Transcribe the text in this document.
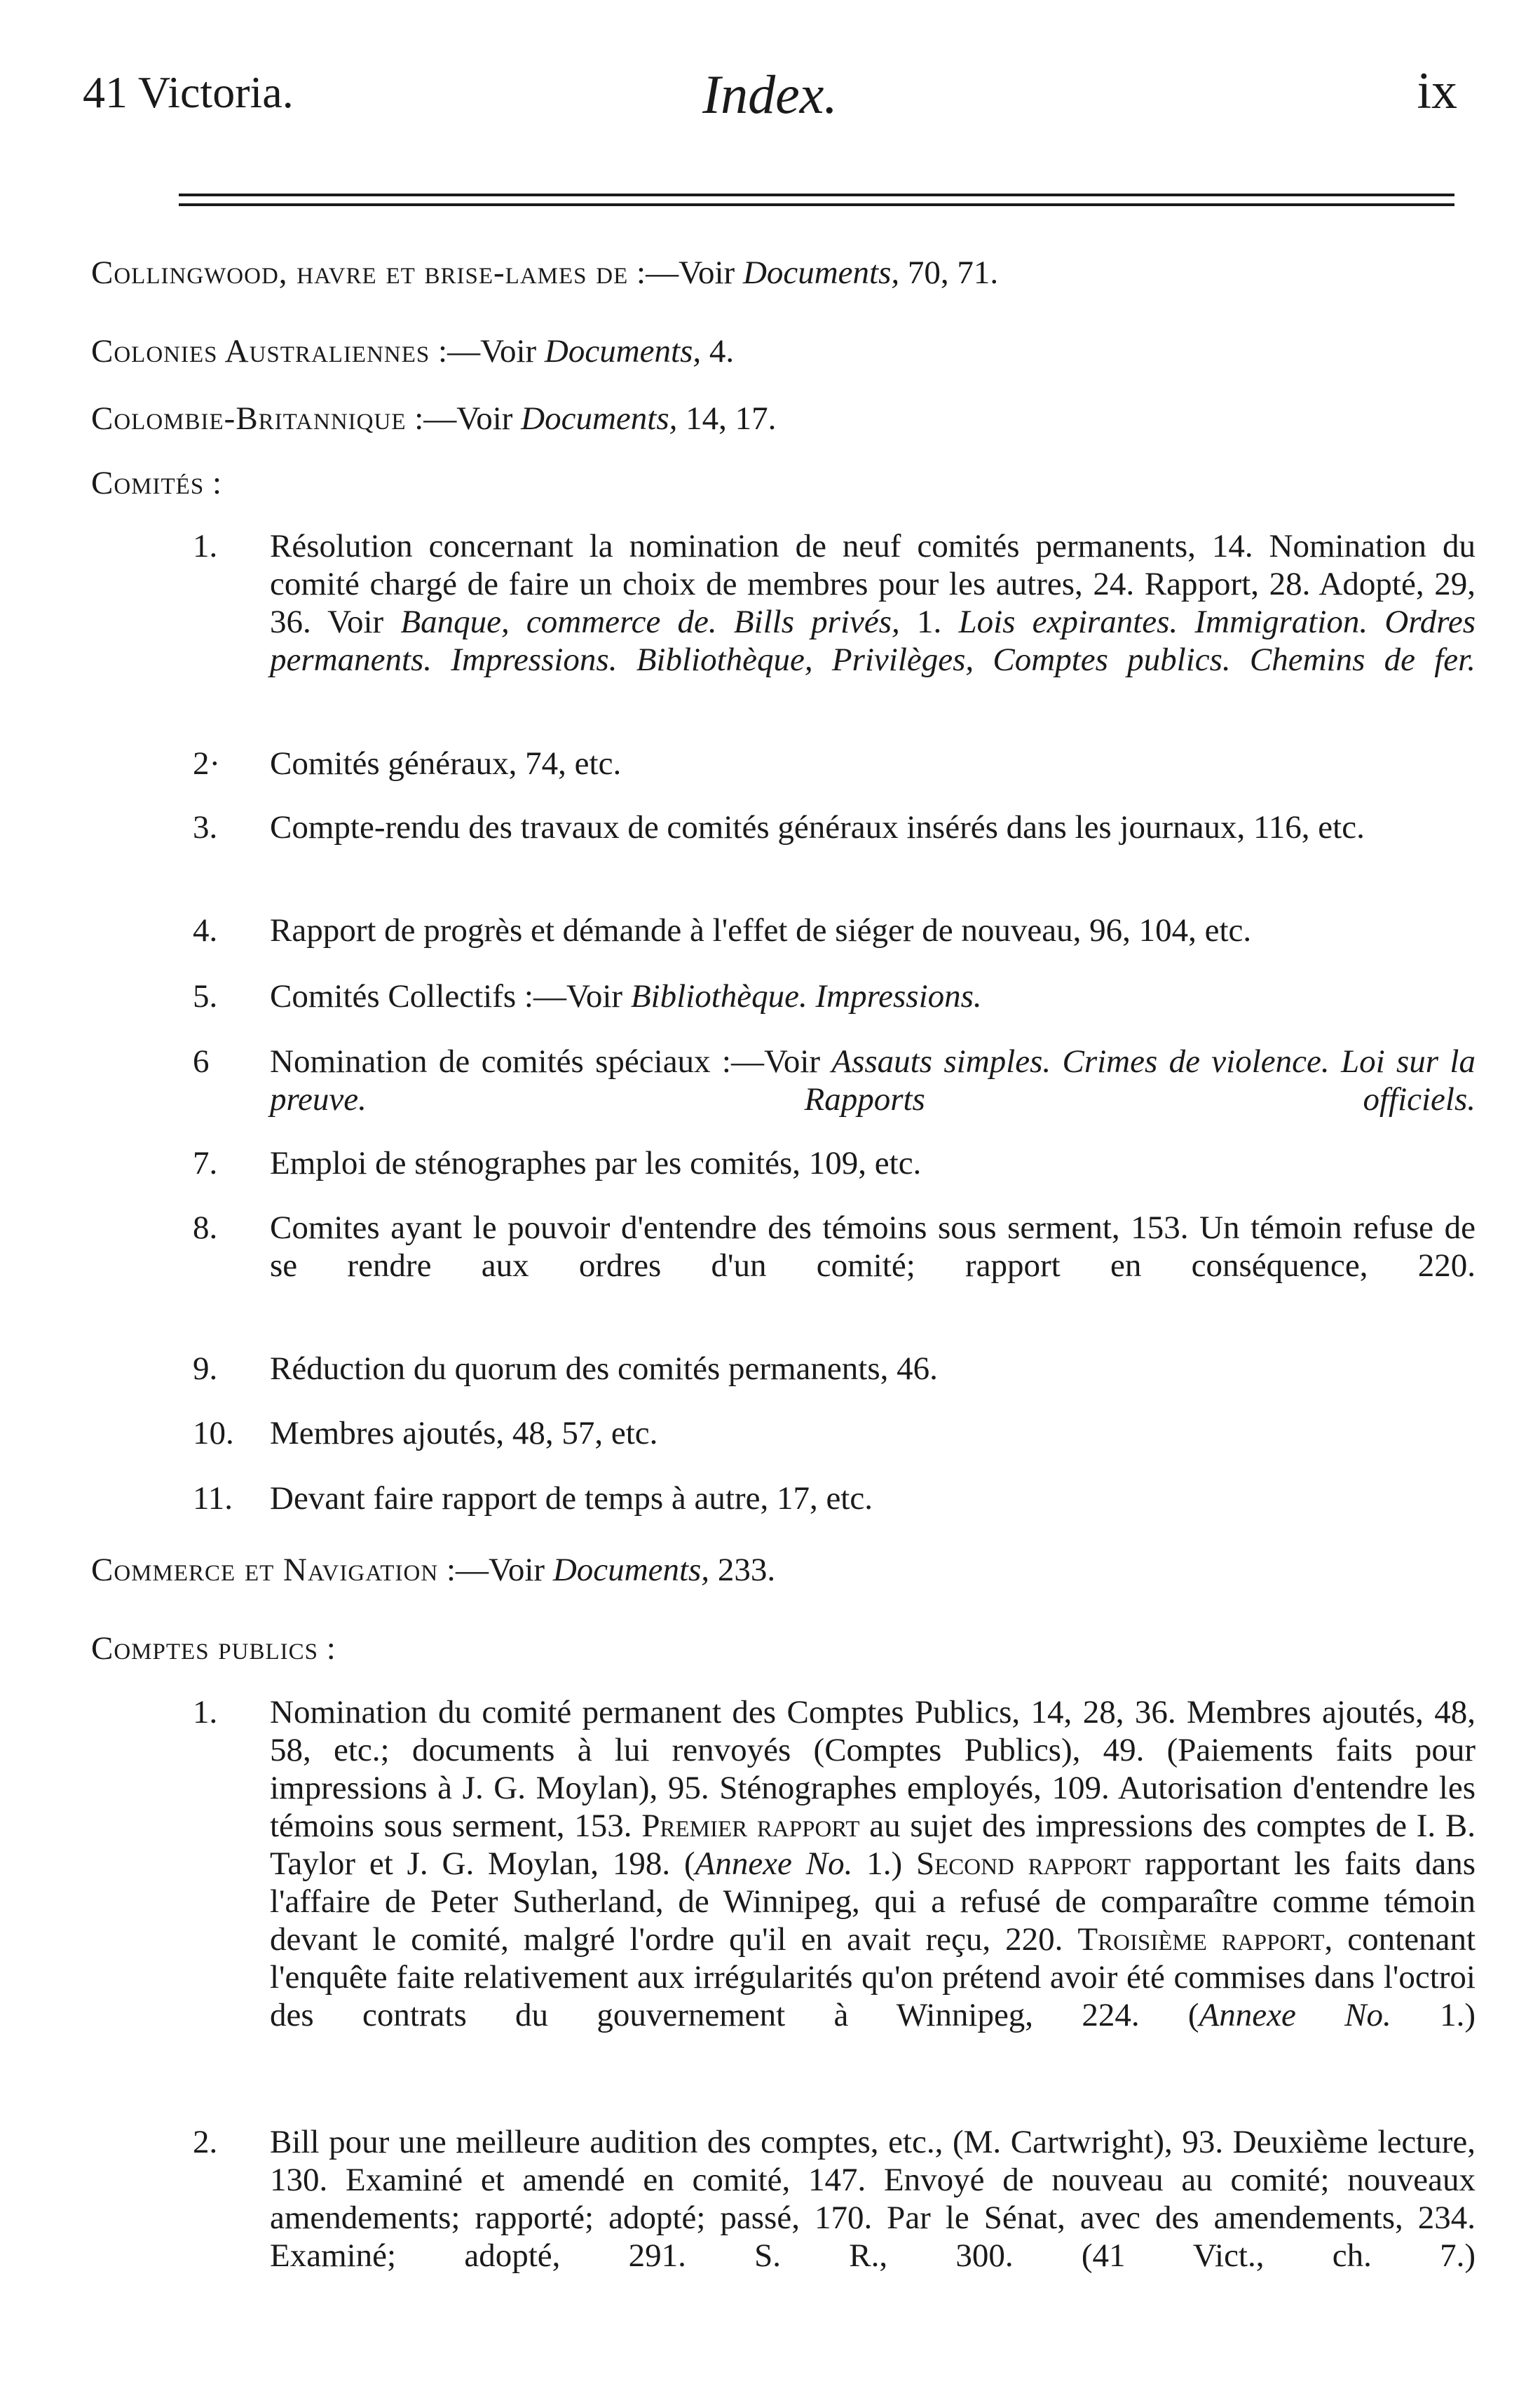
41 Victoria.	Index.	ix
Collingwood, havre et brise-lames de :—Voir Documents, 70, 71.
Colonies Australiennes :—Voir Documents, 4.
Colombie-Britannique :—Voir Documents, 14, 17.
Comités :
1. Résolution concernant la nomination de neuf comités permanents, 14. Nomination du comité chargé de faire un choix de membres pour les autres, 24. Rapport, 28. Adopté, 29, 36. Voir Banque, commerce de. Bills privés, 1. Lois expirantes. Immigration. Ordres permanents. Impressions. Bibliothèque, Privilèges, Comptes publics. Chemins de fer.
2· Comités généraux, 74, etc.
3. Compte-rendu des travaux de comités généraux insérés dans les journaux, 116, etc.
4. Rapport de progrès et démande à l'effet de siéger de nouveau, 96, 104, etc.
5. Comités Collectifs :—Voir Bibliothèque. Impressions.
6 Nomination de comités spéciaux :—Voir Assauts simples. Crimes de violence. Loi sur la preuve. Rapports officiels.
7. Emploi de sténographes par les comités, 109, etc.
8. Comites ayant le pouvoir d'entendre des témoins sous serment, 153. Un témoin refuse de se rendre aux ordres d'un comité; rapport en conséquence, 220.
9. Réduction du quorum des comités permanents, 46.
10. Membres ajoutés, 48, 57, etc.
11. Devant faire rapport de temps à autre, 17, etc.
Commerce et Navigation :—Voir Documents, 233.
Comptes publics :
1. Nomination du comité permanent des Comptes Publics, 14, 28, 36. Membres ajoutés, 48, 58, etc.; documents à lui renvoyés (Comptes Publics), 49. (Paiements faits pour impressions à J. G. Moylan), 95. Sténographes employés, 109. Autorisation d'entendre les témoins sous serment, 153. Premier rapport au sujet des impressions des comptes de I. B. Taylor et J. G. Moylan, 198. (Annexe No. 1.) Second rapport rapportant les faits dans l'affaire de Peter Sutherland, de Winnipeg, qui a refusé de comparaître comme témoin devant le comité, malgré l'ordre qu'il en avait reçu, 220. Troisième rapport, contenant l'enquête faite relativement aux irrégularités qu'on prétend avoir été commises dans l'octroi des contrats du gouvernement à Winnipeg, 224. (Annexe No. 1.)
2. Bill pour une meilleure audition des comptes, etc., (M. Cartwright), 93. Deuxième lecture, 130. Examiné et amendé en comité, 147. Envoyé de nouveau au comité; nouveaux amendements; rapporté; adopté; passé, 170. Par le Sénat, avec des amendements, 234. Examiné; adopté, 291. S. R., 300. (41 Vict., ch. 7.)
